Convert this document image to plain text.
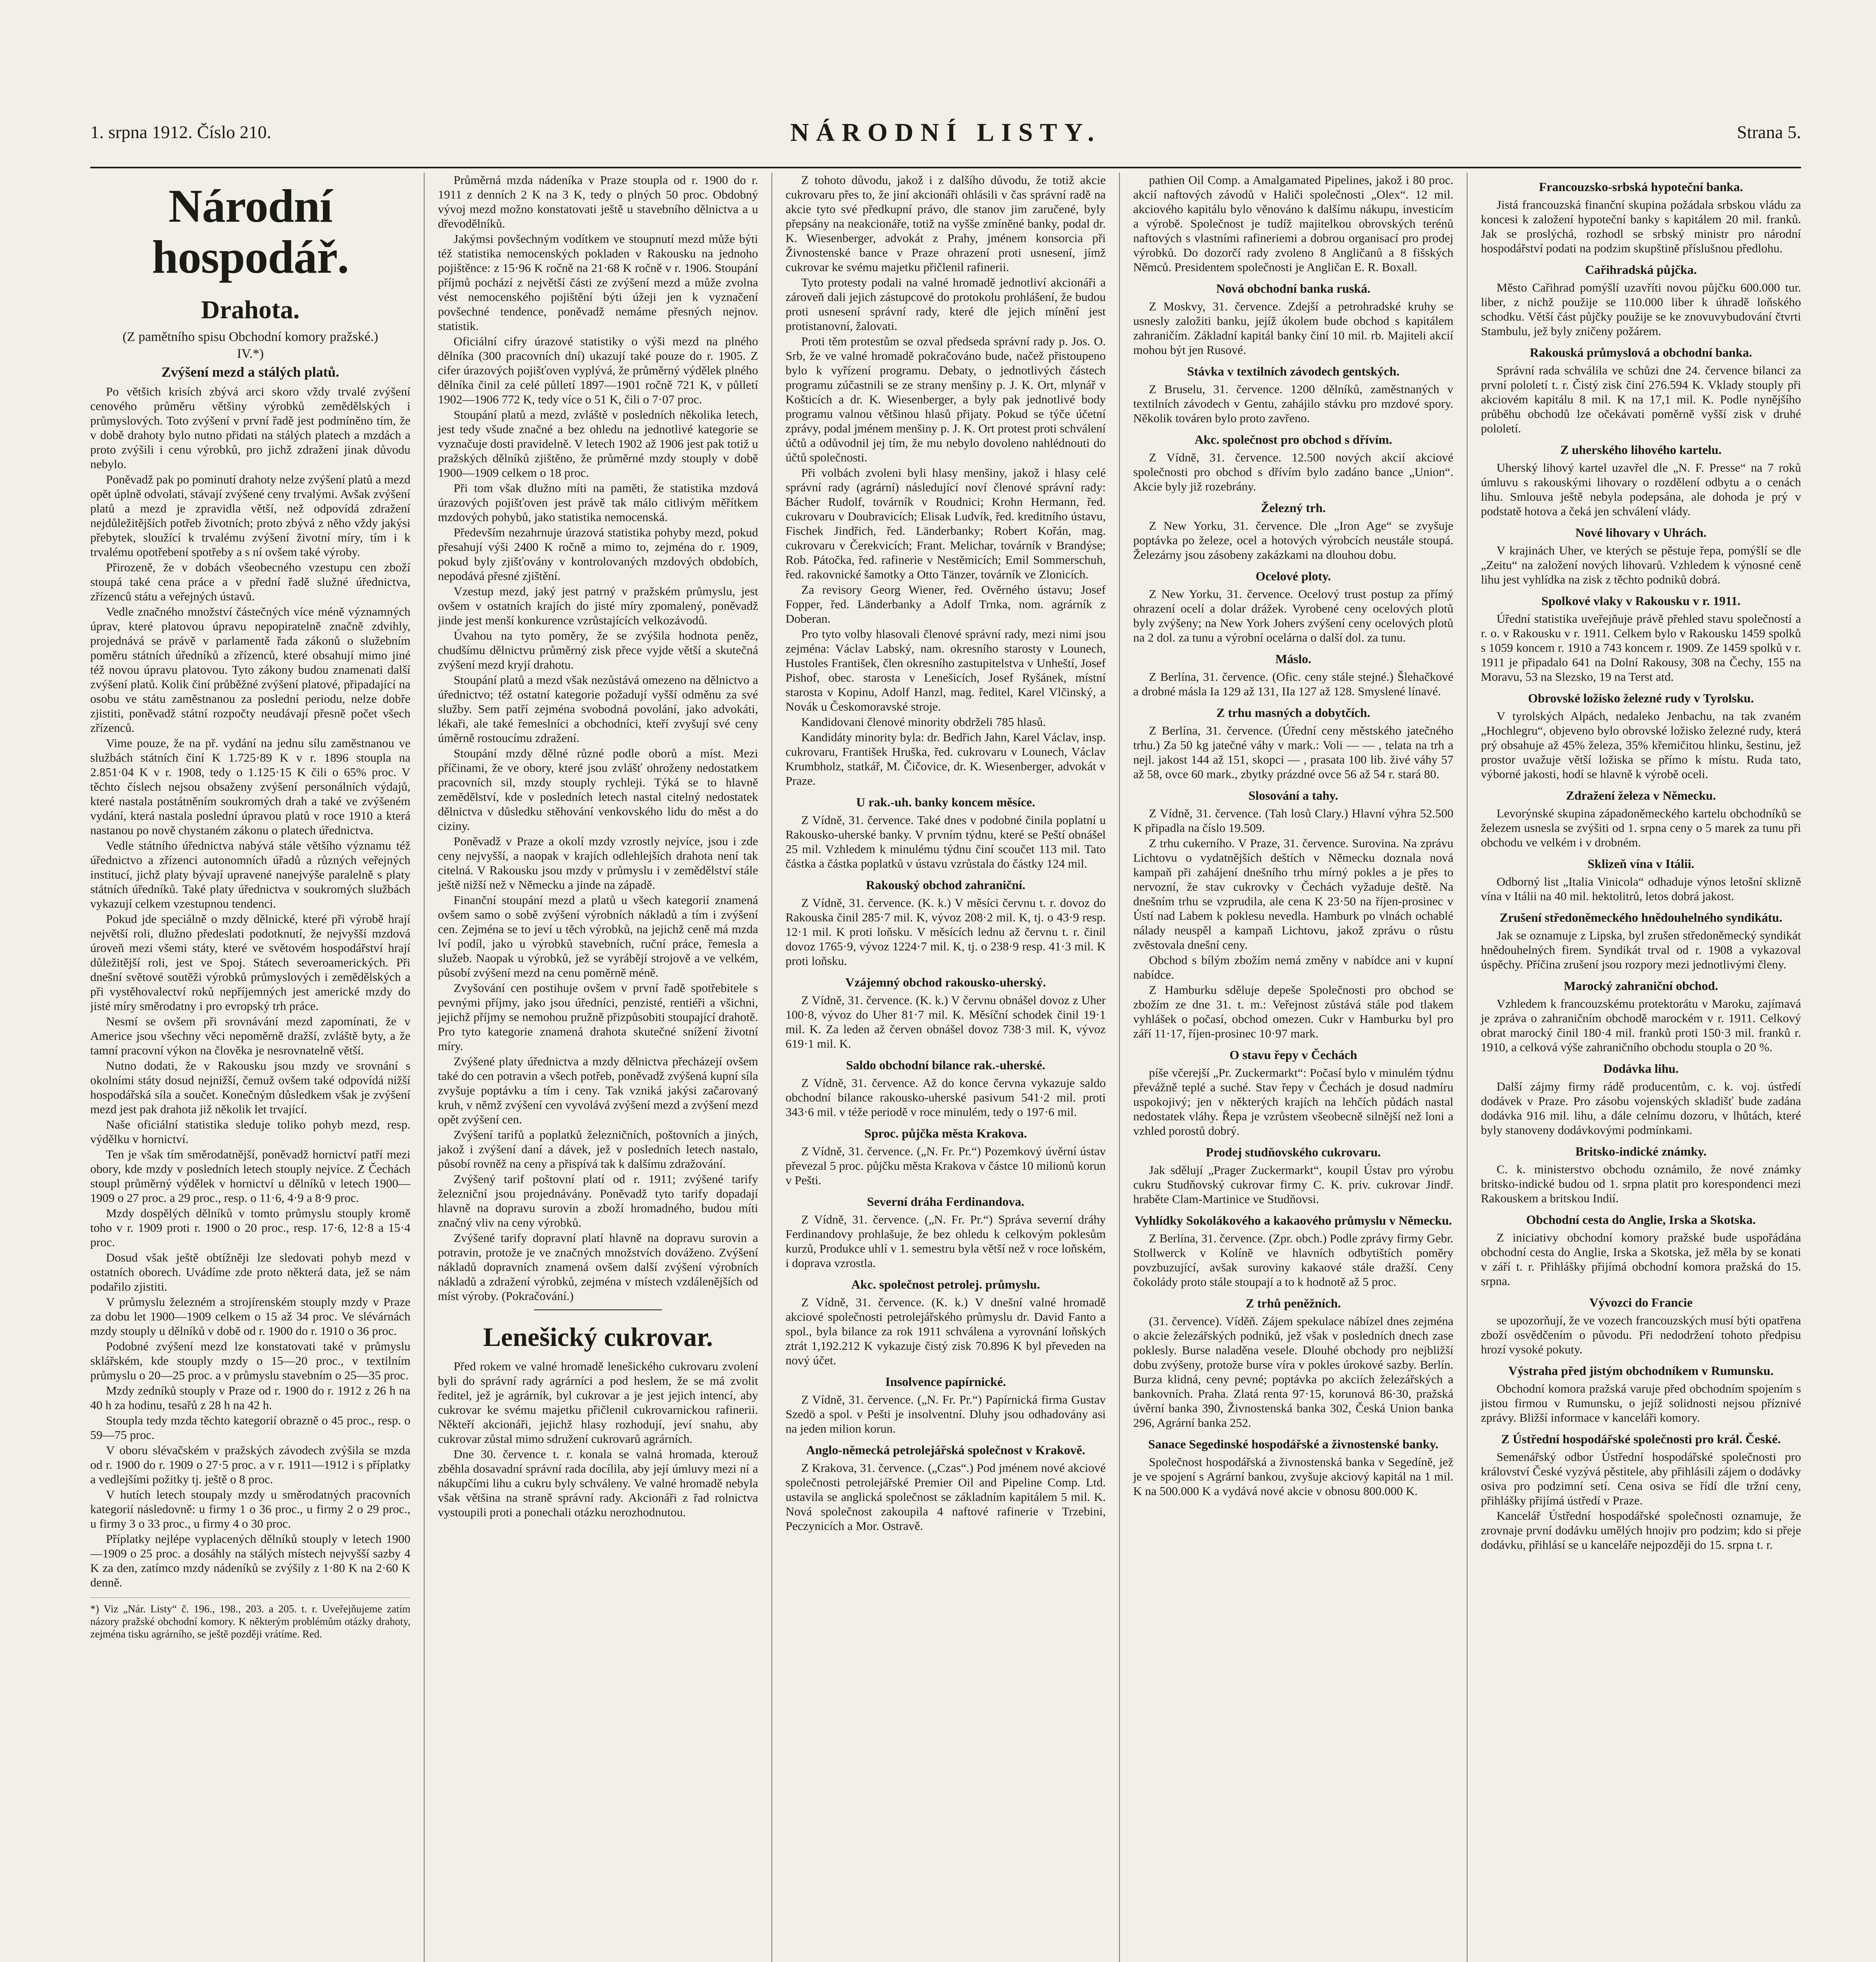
1. srpna 1912. Číslo 210.	NÁRODNÍ LISTY.	Strana 5.
Národní hospodář.
Drahota.
(Z pamětního spisu Obchodní komory pražské.)
IV.*)
Zvýšení mezd a stálých platů.

Po většich krisích zbývá arci skoro vždy trvalé zvýšení cenového průměru většiny výrobků zemědělských i průmyslových. Toto zvýšení v první řadě jest podmíněno tím, že v době drahoty bylo nutno přidati na stálých platech a mzdách a proto zvýšili i cenu výrobků, pro jichž zdražení jinak důvodu nebylo.

Poněvadž pak po pominutí drahoty nelze zvýšení platů a mezd opět úplně odvolati, stávají zvýšené ceny trvalými. Avšak zvýšení platů a mezd je zpravidla větší, než odpovídá zdražení nejdůležitějších potřeb životních; proto zbývá z něho vždy jakýsi přebytek, sloužící k trvalému zvýšení životní míry, tím i k trvalému opotřebení spotřeby a s ní ovšem také výroby.

Přirozeně, že v dobách všeobecného vzestupu cen zboží stoupá také cena práce a v přední řadě služné úřednictva, zřízenců státu a veřejných ústavů.

Vedle značného množství částečných více méně významných úprav, které platovou úpravu nepopiratelně značně zdvihly, projednává se právě v parlamentě řada zákonů o služebním poměru státních úředníků a zřízenců, které obsahují mimo jiné též novou úpravu platovou. Tyto zákony budou znamenati další zvýšení platů. Kolik činí průběžné zvýšení platové, připadající na osobu ve státu zaměstnanou za poslední periodu, nelze dobře zjistiti, poněvadž státní rozpočty neudávají přesně počet všech zřízenců.

Vime pouze, že na př. vydání na jednu sílu zaměstnanou ve službách státních činí K 1.725·89 K v r. 1896 stoupla na 2.851·04 K v r. 1908, tedy o 1.125·15 K čili o 65% proc. V těchto číslech nejsou obsaženy zvýšení personálních výdajů, které nastala postátněním soukromých drah a také ve zvýšeném vydání, která nastala poslední úpravou platů v roce 1910 a která nastanou po nově chystaném zákonu o platech úřednictva.

Vedle státního úřednictva nabývá stále většího významu též úřednictvo a zřízenci autonomních úřadů a různých veřejných institucí, jichž platy bývají upravené nanejvýše paralelně s platy státních úředníků. Také platy úřednictva v soukromých službách vykazují celkem vzestupnou tendenci.

Pokud jde speciálně o mzdy dělnické, které při výrobě hrají největší roli, dlužno předeslati podotknutí, že nejvyšší mzdová úroveň mezi všemi státy, které ve světovém hospodářství hrají důležitější roli, jest ve Spoj. Státech severoamerických. Při dnešní světové soutěži výrobků průmyslových i zemědělských a při vystěhovalectví roků nepříjemných jest americké mzdy do jisté míry směrodatny i pro evropský trh práce.

Nesmí se ovšem při srovnávání mezd zapomínati, že v Americe jsou všechny věci nepoměrně dražší, zvláště byty, a že tamní pracovní výkon na člověka je nesrovnatelně větší.

Nutno dodati, že v Rakousku jsou mzdy ve srovnání s okolními státy dosud nejnižší, čemuž ovšem také odpovídá nižší hospodářská síla a součet. Konečným důsledkem však je zvýšení mezd jest pak drahota již několik let trvající.

Naše oficiální statistika sleduje toliko pohyb mezd, resp. výdělku v hornictví.

Ten je však tím směrodatnější, poněvadž hornictví patří mezi obory, kde mzdy v posledních letech stouply nejvíce. Z Čechách stoupl průměrný výdělek v hornictví u dělníků v letech 1900—1909 o 27 proc. a 29 proc., resp. o 11·6, 4·9 a 8·9 proc.

Mzdy dospělých dělníků v tomto průmyslu stouply kromě toho v r. 1909 proti r. 1900 o 20 proc., resp. 17·6, 12·8 a 15·4 proc.

Dosud však ještě obtížněji lze sledovati pohyb mezd v ostatních oborech. Uvádíme zde proto některá data, jež se nám podařilo zjistiti.

V průmyslu železném a strojírenském stouply mzdy v Praze za dobu let 1900—1909 celkem o 15 až 34 proc. Ve slévárnách mzdy stouply u dělníků v době od r. 1900 do r. 1910 o 36 proc.

Podobné zvýšení mezd lze konstatovati také v průmyslu sklářském, kde stouply mzdy o 15—20 proc., v textilním průmyslu o 20—25 proc. a v průmyslu stavebním o 25—35 proc.

Mzdy zedníků stouply v Praze od r. 1900 do r. 1912 z 26 h na 40 h za hodinu, tesařů z 28 h na 42 h.

Stoupla tedy mzda těchto kategorií obrazně o 45 proc., resp. o 59—75 proc.

V oboru slévačském v pražských závodech zvýšila se mzda od r. 1900 do r. 1909 o 27·5 proc. a v r. 1911—1912 i s příplatky a vedlejšími požitky tj. ještě o 8 proc.

V hutích letech stoupaly mzdy u směrodatných pracovních kategorií následovně: u firmy 1 o 36 proc., u firmy 2 o 29 proc., u firmy 3 o 33 proc., u firmy 4 o 30 proc.

Příplatky nejlépe vyplacených dělníků stouply v letech 1900—1909 o 25 proc. a dosáhly na stálých místech nejvyšší sazby 4 K za den, zatímco mzdy nádeníků se zvýšily z 1·80 K na 2·60 K denně.

*) Viz „Nár. Listy“ č. 196., 198., 203. a 205. t. r. Uveřejňujeme zatím názory pražské obchodní komory. K některým problémům otázky drahoty, zejména tisku agrárního, se ještě později vrátíme. Red.

Průměrná mzda nádeníka v Praze stoupla od r. 1900 do r. 1911 z denních 2 K na 3 K, tedy o plných 50 proc. Obdobný vývoj mezd možno konstatovati ještě u stavebního dělnictva a u dřevodělníků.

Jakýmsi povšechným vodítkem ve stoupnutí mezd může býti též statistika nemocenských pokladen v Rakousku na jednoho pojištěnce: z 15·96 K ročně na 21·68 K ročně v r. 1906. Stoupání příjmů pochází z největší části ze zvýšení mezd a může zvolna vést nemocenského pojištění býti úžeji jen k vyznačení povšechné tendence, poněvadž nemáme přesných nejnov. statistik.

Oficiální cifry úrazové statistiky o výši mezd na plného dělníka (300 pracovních dní) ukazují také pouze do r. 1905. Z cifer úrazových pojišťoven vyplývá, že průměrný výdělek plného dělníka činil za celé půlletí 1897—1901 ročně 721 K, v půlletí 1902—1906 772 K, tedy více o 51 K, čili o 7·07 proc.

Stoupání platů a mezd, zvláště v posledních několika letech, jest tedy všude značné a bez ohledu na jednotlivé kategorie se vyznačuje dosti pravidelně. V letech 1902 až 1906 jest pak totiž u pražských dělníků zjištěno, že průměrné mzdy stouply v době 1900—1909 celkem o 18 proc.

Při tom však dlužno míti na paměti, že statistika mzdová úrazových pojišťoven jest právě tak málo citlivým měřítkem mzdových pohybů, jako statistika nemocenská.

Především nezahrnuje úrazová statistika pohyby mezd, pokud přesahují výši 2400 K ročně a mimo to, zejména do r. 1909, pokud byly zjišťovány v kontrolovaných mzdových obdobích, nepodává přesné zjištění.

Vzestup mezd, jaký jest patrný v pražském průmyslu, jest ovšem v ostatních krajích do jisté míry zpomalený, poněvadž jinde jest menší konkurence vzrůstajících velkozávodů.

Úvahou na tyto poměry, že se zvýšila hodnota peněz, chudšímu dělnictvu průměrný zisk přece vyjde větší a skutečná zvýšení mezd kryjí drahotu.

Stoupání platů a mezd však nezůstává omezeno na dělnictvo a úřednictvo; též ostatní kategorie požadují vyšší odměnu za své služby. Sem patří zejména svobodná povolání, jako advokáti, lékaři, ale také řemeslníci a obchodníci, kteří zvyšují své ceny úměrně rostoucímu zdražení.

Stoupání mzdy dělné různé podle oborů a míst. Mezi příčinami, že ve obory, které jsou zvlášť ohroženy nedostatkem pracovních sil, mzdy stouply rychleji. Týká se to hlavně zemědělství, kde v posledních letech nastal citelný nedostatek dělnictva v důsledku stěhování venkovského lidu do měst a do ciziny.

Poněvadž v Praze a okolí mzdy vzrostly nejvíce, jsou i zde ceny nejvyšší, a naopak v krajích odlehlejších drahota není tak citelná. V Rakousku jsou mzdy v průmyslu i v zemědělství stále ještě nižší než v Německu a jinde na západě.

Finanční stoupání mezd a platů u všech kategorií znamená ovšem samo o sobě zvýšení výrobních nákladů a tím i zvýšení cen. Zejména se to jeví u těch výrobků, na jejichž ceně má mzda lví podíl, jako u výrobků stavebních, ruční práce, řemesla a služeb. Naopak u výrobků, jež se vyrábějí strojově a ve velkém, působí zvýšení mezd na cenu poměrně méně.

Zvyšování cen postihuje ovšem v první řadě spotřebitele s pevnými příjmy, jako jsou úředníci, penzisté, rentiéři a všichni, jejichž příjmy se nemohou pružně přizpůsobiti stoupající drahotě. Pro tyto kategorie znamená drahota skutečné snížení životní míry.

Zvýšené platy úřednictva a mzdy dělnictva přecházejí ovšem také do cen potravin a všech potřeb, poněvadž zvýšená kupní síla zvyšuje poptávku a tím i ceny. Tak vzniká jakýsi začarovaný kruh, v němž zvýšení cen vyvolává zvýšení mezd a zvýšení mezd opět zvýšení cen.

Zvýšení tarifů a poplatků železničních, poštovních a jiných, jakož i zvýšení daní a dávek, jež v posledních letech nastalo, působí rovněž na ceny a přispívá tak k dalšímu zdražování.

Zvýšený tarif poštovní platí od r. 1911; zvýšené tarify železniční jsou projednávány. Poněvadž tyto tarify dopadají hlavně na dopravu surovin a zboží hromadného, budou míti značný vliv na ceny výrobků.

Zvýšené tarify dopravní platí hlavně na dopravu surovin a potravin, protože je ve značných množstvích dováženo. Zvýšení nákladů dopravních znamená ovšem další zvýšení výrobních nákladů a zdražení výrobků, zejména v místech vzdálenějších od míst výroby. (Pokračování.)

Lenešický cukrovar.

Před rokem ve valné hromadě lenešického cukrovaru zvolení byli do správní rady agrárníci a pod heslem, že se má zvolit ředitel, jež je agrárník, byl cukrovar a je jest jejich intencí, aby cukrovar ke svému majetku přičlenil cukrovarnickou rafinerii. Někteří akcionáři, jejichž hlasy rozhodují, jeví snahu, aby cukrovar zůstal mimo sdružení cukrovarů agrárních.

Dne 30. července t. r. konala se valná hromada, kterouž zběhla dosavadní správní rada docílila, aby její úmluvy mezi ní a nákupčími lihu a cukru byly schváleny. Ve valné hromadě nebyla však většina na straně správní rady. Akcionáři z řad rolnictva vystoupili proti a ponechali otázku nerozhodnutou.

Z tohoto důvodu, jakož i z dalšího důvodu, že totiž akcie cukrovaru přes to, že jiní akcionáři ohlásili v čas správní radě na akcie tyto své předkupní právo, dle stanov jim zaručené, byly přepsány na neakcionáře, totiž na vyšše zmíněné banky, podal dr. K. Wiesenberger, advokát z Prahy, jménem konsorcia při Živnostenské bance v Praze ohrazení proti usnesení, jímž cukrovar ke svému majetku přičlenil rafinerii.

Tyto protesty podali na valné hromadě jednotliví akcionáři a zároveň dali jejich zástupcové do protokolu prohlášení, že budou proti usnesení správní rady, které dle jejich mínění jest protistanovní, žalovati.

Proti těm protestům se ozval předseda správní rady p. Jos. O. Srb, že ve valné hromadě pokračováno bude, načež přistoupeno bylo k vyřízení programu. Debaty, o jednotlivých částech programu zúčastnili se ze strany menšiny p. J. K. Ort, mlynář v Košticích a dr. K. Wiesenberger, a byly pak jednotlivé body programu valnou většinou hlasů přijaty. Pokud se týče účetní zprávy, podal jménem menšiny p. J. K. Ort protest proti schválení účtů a odůvodnil jej tím, že mu nebylo dovoleno nahlédnouti do účtů společnosti.

Při volbách zvoleni byli hlasy menšiny, jakož i hlasy celé správní rady (agrární) následující noví členové správní rady: Bácher Rudolf, továrník v Roudnici; Krohn Hermann, řed. cukrovaru v Doubravicích; Elisak Ludvík, řed. kreditního ústavu, Fischek Jindřich, řed. Länderbanky; Robert Kořán, mag. cukrovaru v Čerekvicích; Frant. Melichar, továrník v Brandýse; Rob. Pátočka, řed. rafinerie v Nestěmicích; Emil Sommerschuh, řed. rakovnické šamotky a Otto Tänzer, továrník ve Zlonicích.

Za revisory Georg Wiener, řed. Ověrného ústavu; Josef Fopper, řed. Länderbanky a Adolf Trnka, nom. agrárník z Doberan.

Pro tyto volby hlasovali členové správní rady, mezi nimi jsou zejména: Václav Labský, nam. okresního starosty v Lounech, Hustoles František, člen okresního zastupitelstva v Unheští, Josef Pishof, obec. starosta v Lenešicích, Josef Ryšánek, místní starosta v Kopinu, Adolf Hanzl, mag. ředitel, Karel Vlčinský, a Novák u Českomoravské stroje.

Kandidovani členové minority obdrželi 785 hlasů.

Kandidáty minority byla: dr. Bedřich Jahn, Karel Václav, insp. cukrovaru, František Hruška, řed. cukrovaru v Lounech, Václav Krumbholz, statkář, M. Čičovice, dr. K. Wiesenberger, advokát v Praze.

U rak.-uh. banky koncem měsíce.

Z Vídně, 31. července. Také dnes v podobné činila poplatní u Rakousko-uherské banky. V prvním týdnu, které se Peští obnášel 25 mil. Vzhledem k minulému týdnu činí scoučet 113 mil. Tato částka a částka poplatků v ústavu vzrůstala do částky 124 mil.

Rakouský obchod zahraniční.

Z Vídně, 31. července. (K. k.) V měsíci červnu t. r. dovoz do Rakouska činil 285·7 mil. K, vývoz 208·2 mil. K, tj. o 43·9 resp. 12·1 mil. K proti loňsku. V měsících lednu až červnu t. r. činil dovoz 1765·9, vývoz 1224·7 mil. K, tj. o 238·9 resp. 41·3 mil. K proti loňsku.

Vzájemný obchod rakousko-uherský.

Z Vídně, 31. července. (K. k.) V červnu obnášel dovoz z Uher 100·8, vývoz do Uher 81·7 mil. K. Měsíční schodek činil 19·1 mil. K. Za leden až červen obnášel dovoz 738·3 mil. K, vývoz 619·1 mil. K.

Saldo obchodní bilance rak.-uherské.

Z Vídně, 31. července. Až do konce června vykazuje saldo obchodní bilance rakousko-uherské pasivum 541·2 mil. proti 343·6 mil. v téže periodě v roce minulém, tedy o 197·6 mil.

Sproc. půjčka města Krakova.

Z Vídně, 31. července. („N. Fr. Pr.“) Pozemkový úvěrní ústav převezal 5 proc. půjčku města Krakova v částce 10 milionů korun v Pešti.

Severní dráha Ferdinandova.

Z Vídně, 31. července. („N. Fr. Pr.“) Správa severní dráhy Ferdinandovy prohlašuje, že bez ohledu k celkovým poklesům kurzů, Produkce uhlí v 1. semestru byla větší než v roce loňském, i doprava vzrostla.

Akc. společnost petrolej. průmyslu.

Z Vídně, 31. července. (K. k.) V dnešní valné hromadě akciové společnosti petrolejářského průmyslu dr. David Fanto a spol., byla bilance za rok 1911 schválena a vyrovnání loňských ztrát 1,192.212 K vykazuje čistý zisk 70.896 K byl převeden na nový účet.

Insolvence papírnické.

Z Vídně, 31. července. („N. Fr. Pr.“) Papírnická firma Gustav Szedö a spol. v Pešti je insolventní. Dluhy jsou odhadovány asi na jeden milion korun.

Anglo-německá petrolejářská společnost v Krakově.

Z Krakova, 31. července. („Czas“.) Pod jménem nové akciové společnosti petrolejářské Premier Oil and Pipeline Comp. Ltd. ustavila se anglická společnost se základním kapitálem 5 mil. K. Nová společnost zakoupila 4 naftové rafinerie v Trzebini, Peczynicích a Mor. Ostravě.

pathien Oil Comp. a Amalgamated Pipelines, jakož i 80 proc. akcií naftových závodů v Haliči společnosti „Olex“. 12 mil. akciového kapitálu bylo věnováno k dalšímu nákupu, investicím a výrobě. Společnost je tudíž majitelkou obrovských terénů naftových s vlastními rafineriemi a dobrou organisací pro prodej výrobků. Do dozorčí rady zvoleno 8 Angličanů a 8 fišských Němců. Presidentem společnosti je Angličan E. R. Boxall.

Nová obchodní banka ruská.

Z Moskvy, 31. července. Zdejší a petrohradské kruhy se usnesly založiti banku, jejíž úkolem bude obchod s kapitálem zahraničím. Základní kapitál banky činí 10 mil. rb. Majiteli akcií mohou být jen Rusové.

Stávka v textilních závodech gentských.

Z Bruselu, 31. července. 1200 dělníků, zaměstnaných v textilních závodech v Gentu, zahájilo stávku pro mzdové spory. Několik továren bylo proto zavřeno.

Akc. společnost pro obchod s dřívím.

Z Vídně, 31. července. 12.500 nových akcií akciové společnosti pro obchod s dřívím bylo zadáno bance „Union“. Akcie byly již rozebrány.

Železný trh.

Z New Yorku, 31. července. Dle „Iron Age“ se zvyšuje poptávka po železe, ocel a hotových výrobcích neustále stoupá. Železárny jsou zásobeny zakázkami na dlouhou dobu.

Ocelové ploty.

Z New Yorku, 31. července. Ocelový trust postup za přímý ohrazení ocelí a dolar drážek. Vyrobené ceny ocelových plotů byly zvýšeny; na New York Johers zvýšení ceny ocelových plotů na 2 dol. za tunu a výrobní ocelárna o další dol. za tunu.

Máslo.

Z Berlína, 31. července. (Ofic. ceny stále stejné.) Šlehačkové a drobné másla Ia 129 až 131, IIa 127 až 128. Smyslené línavé.

Z trhu masných a dobytčích.

Z Berlína, 31. července. (Úřední ceny městského jatečného trhu.) Za 50 kg jatečné váhy v mark.: Voli — — , telata na trh a nejl. jakost 144 až 151, skopci — , prasata 100 lib. živé váhy 57 až 58, ovce 60 mark., zbytky prázdné ovce 56 až 54 r. stará 80.

Slosování a tahy.

Z Vídně, 31. července. (Tah losů Clary.) Hlavní výhra 52.500 K připadla na číslo 19.509.

Z trhu cukerního. V Praze, 31. července. Surovina. Na zprávu Lichtovu o vydatnějších deštích v Německu doznala nová kampaň při zahájení dnešního trhu mírný pokles a je přes to nervozní, že stav cukrovky v Čechách vyžaduje deště. Na dnešním trhu se vzprudila, ale cena K 23·50 na říjen-prosinec v Ústí nad Labem k poklesu nevedla. Hamburk po vlnách ochablé nálady neuspěl a kampaň Lichtovu, jakož zprávu o růstu zvěstovala dnešní ceny.

Obchod s bílým zbožím nemá změny v nabídce ani v kupní nabídce.

Z Hamburku sděluje depeše Společnosti pro obchod se zbožím ze dne 31. t. m.: Veřejnost zůstává stále pod tlakem vyhlášek o počasí, obchod omezen. Cukr v Hamburku byl pro září 11·17, říjen-prosinec 10·97 mark.

O stavu řepy v Čechách

píše včerejší „Pr. Zuckermarkt“: Počasí bylo v minulém týdnu převážně teplé a suché. Stav řepy v Čechách je dosud nadmíru uspokojivý; jen v některých krajích na lehčích půdách nastal nedostatek vláhy. Řepa je vzrůstem všeobecně silnější než loni a vzhled porostů dobrý.

Prodej studňovského cukrovaru.

Jak sdělují „Prager Zuckermarkt“, koupil Ústav pro výrobu cukru Studňovský cukrovar firmy C. K. priv. cukrovar Jindř. hraběte Clam-Martinice ve Studňovsi.

Vyhlídky Sokolákového a kakaového průmyslu v Německu.

Z Berlína, 31. července. (Zpr. obch.) Podle zprávy firmy Gebr. Stollwerck v Kolíně ve hlavních odbytištích poměry povzbuzující, avšak suroviny kakaové stále dražší. Ceny čokolády proto stále stoupají a to k hodnotě až 5 proc.

Z trhů peněžních.

(31. července). Víděň. Zájem spekulace nábízel dnes zejména o akcie železářských podniků, jež však v posledních dnech zase poklesly. Burse naladěna vesele. Dlouhé obchody pro nejbližší dobu zvýšeny, protože burse víra v pokles úrokové sazby. Berlín. Burza klidná, ceny pevné; poptávka po akciích železářských a bankovních. Praha. Zlatá renta 97·15, korunová 86·30, pražská úvěrní banka 390, Živnostenská banka 302, Česká Union banka 296, Agrární banka 252.

Sanace Segedinské hospodářské a živnostenské banky.

Společnost hospodářská a živnostenská banka v Segedíně, jež je ve spojení s Agrární bankou, zvyšuje akciový kapitál na 1 mil. K na 500.000 K a vydává nové akcie v obnosu 800.000 K.

Francouzsko-srbská hypoteční banka.

Jistá francouzská finanční skupina požádala srbskou vládu za koncesi k založení hypoteční banky s kapitálem 20 mil. franků. Jak se proslýchá, rozhodl se srbský ministr pro národní hospodářství podati na podzim skupštině příslušnou předlohu.

Cařihradská půjčka.

Město Cařihrad pomýšlí uzavříti novou půjčku 600.000 tur. liber, z nichž použije se 110.000 liber k úhradě loňského schodku. Větší část půjčky použije se ke znovuvybudování čtvrti Stambulu, jež byly zničeny požárem.

Rakouská průmyslová a obchodní banka.

Správní rada schválila ve schůzi dne 24. července bilanci za první pololetí t. r. Čistý zisk činí 276.594 K. Vklady stouply při akciovém kapitálu 8 mil. K na 17,1 mil. K. Podle nynějšího průběhu obchodů lze očekávati poměrně vyšší zisk v druhé pololetí.

Z uherského lihového kartelu.

Uherský lihový kartel uzavřel dle „N. F. Presse“ na 7 roků úmluvu s rakouskými lihovary o rozdělení odbytu a o cenách lihu. Smlouva ještě nebyla podepsána, ale dohoda je prý v podstatě hotova a čeká jen schválení vlády.

Nové lihovary v Uhrách.

V krajinách Uher, ve kterých se pěstuje řepa, pomýšlí se dle „Zeitu“ na založení nových lihovarů. Vzhledem k výnosné ceně lihu jest vyhlídka na zisk z těchto podniků dobrá.

Spolkové vlaky v Rakousku v r. 1911.

Úřední statistika uveřejňuje právě přehled stavu společností a r. o. v Rakousku v r. 1911. Celkem bylo v Rakousku 1459 spolků s 1059 koncem r. 1910 a 743 koncem r. 1909. Ze 1459 spolků v r. 1911 je připadalo 641 na Dolní Rakousy, 308 na Čechy, 155 na Moravu, 53 na Slezsko, 19 na Terst atd.

Obrovské ložisko železné rudy v Tyrolsku.

V tyrolských Alpách, nedaleko Jenbachu, na tak zvaném „Hochlegru“, objeveno bylo obrovské ložisko železné rudy, která prý obsahuje až 45% železa, 35% křemičitou hlinku, šestinu, jež prostor uvažuje větší ložiska se přímo k místu. Ruda tato, výborné jakosti, hodí se hlavně k výrobě oceli.

Zdražení železa v Německu.

Levorýnské skupina západoněmeckého kartelu obchodníků se železem usnesla se zvýšiti od 1. srpna ceny o 5 marek za tunu při obchodu ve velkém i v drobném.

Sklizeň vína v Itálii.

Odborný list „Italia Vinicola“ odhaduje výnos letošní sklizně vína v Itálii na 40 mil. hektolitrů, letos dobrá jakost.

Zrušení středoněmeckého hnědouhelného syndikátu.

Jak se oznamuje z Lipska, byl zrušen středoněmecký syndikát hnědouhelných firem. Syndikát trval od r. 1908 a vykazoval úspěchy. Příčina zrušení jsou rozpory mezi jednotlivými členy.

Marocký zahraniční obchod.

Vzhledem k francouzskému protektorátu v Maroku, zajímavá je zpráva o zahraničním obchodě marockém v r. 1911. Celkový obrat marocký činil 180·4 mil. franků proti 150·3 mil. franků r. 1910, a celková výše zahraničního obchodu stoupla o 20 %.

Dodávka lihu.

Další zájmy firmy rádě producentům, c. k. voj. ústředí dodávek v Praze. Pro zásobu vojenských skladišť bude zadána dodávka 916 mil. lihu, a dále celnímu dozoru, v lhůtách, které byly stanoveny dodávkovými podmínkami.

Britsko-indické známky.

C. k. ministerstvo obchodu oznámilo, že nové známky britsko-indické budou od 1. srpna platit pro korespondenci mezi Rakouskem a britskou Indií.

Obchodní cesta do Anglie, Irska a Skotska.

Z iniciativy obchodní komory pražské bude uspořádána obchodní cesta do Anglie, Irska a Skotska, jež měla by se konati v září t. r. Přihlášky přijímá obchodní komora pražská do 15. srpna.

Vývozci do Francie

se upozorňují, že ve vozech francouzských musí býti opatřena zboží osvědčením o původu. Při nedodržení tohoto předpisu hrozí vysoké pokuty.

Výstraha před jistým obchodníkem v Rumunsku.

Obchodní komora pražská varuje před obchodním spojením s jistou firmou v Rumunsku, o jejíž solidnosti nejsou příznivé zprávy. Bližší informace v kanceláři komory.

Z Ústřední hospodářské společnosti pro král. České.

Semenářský odbor Ústřední hospodářské společnosti pro království České vyzývá pěstitele, aby přihlásili zájem o dodávky osiva pro podzimní setí. Cena osiva se řídí dle tržní ceny, přihlášky přijímá ústředí v Praze.

Kancelář Ústřední hospodářské společnosti oznamuje, že zrovnaje první dodávku umělých hnojiv pro podzim; kdo si přeje dodávku, přihlásí se u kanceláře nejpozději do 15. srpna t. r.
